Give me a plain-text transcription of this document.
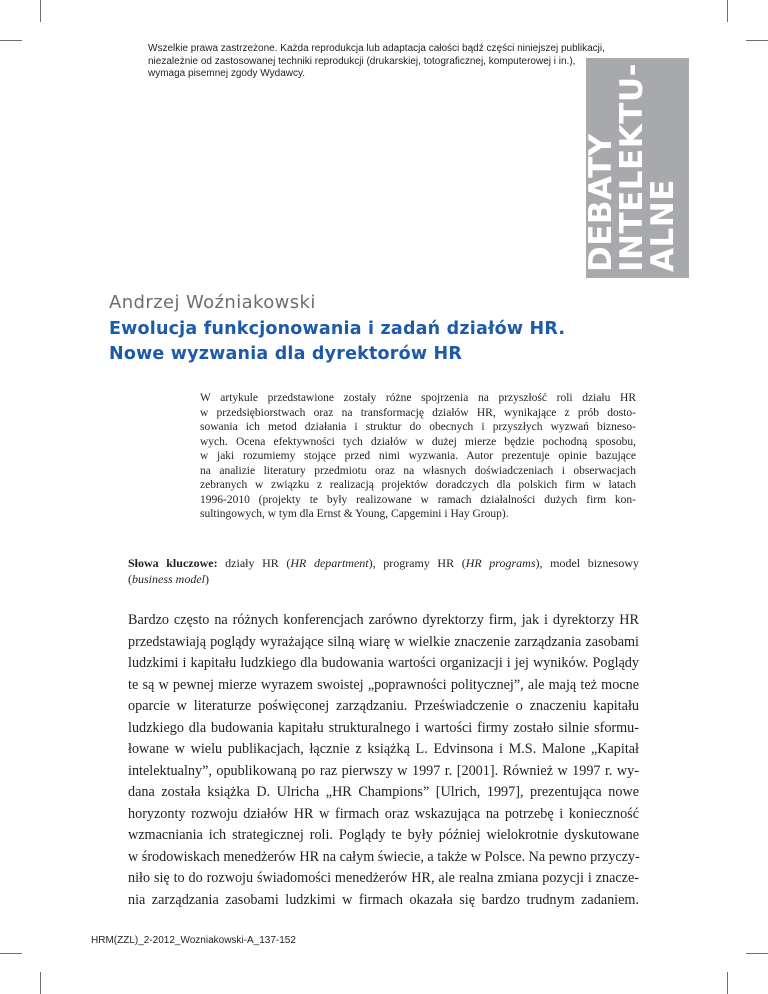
Wszelkie prawa zastrzeżone. Każda reprodukcja lub adaptacja całości bądź części niniejszej publikacji,
niezależnie od zastosowanej techniki reprodukcji (drukarskiej, totograficznej, komputerowej i in.),
wymaga pisemnej zgody Wydawcy.
DEBATY
INTELEKTU-
ALNE
Andrzej Woźniakowski
Ewolucja funkcjonowania i zadań działów HR.
Nowe wyzwania dla dyrektorów HR
W artykule przedstawione zostały różne spojrzenia na przyszłość roli działu HR
w przedsiębiorstwach oraz na transformację działów HR, wynikające z prób dosto-
sowania ich metod działania i struktur do obecnych i przyszłych wyzwań bizneso-
wych. Ocena efektywności tych działów w dużej mierze będzie pochodną sposobu,
w jaki rozumiemy stojące przed nimi wyzwania. Autor prezentuje opinie bazujące
na analizie literatury przedmiotu oraz na własnych doświadczeniach i obserwacjach
zebranych w związku z realizacją projektów doradczych dla polskich firm w latach
1996-2010 (projekty te były realizowane w ramach działalności dużych firm kon-
sultingowych, w tym dla Ernst & Young, Capgemini i Hay Group).
Słowa kluczowe: działy HR (HR department), programy HR (HR programs), model biznesowy
(business model)
Bardzo często na różnych konferencjach zarówno dyrektorzy firm, jak i dyrektorzy HR
przedstawiają poglądy wyrażające silną wiarę w wielkie znaczenie zarządzania zasobami
ludzkimi i kapitału ludzkiego dla budowania wartości organizacji i jej wyników. Poglądy
te są w pewnej mierze wyrazem swoistej „poprawności politycznej”, ale mają też mocne
oparcie w literaturze poświęconej zarządzaniu. Przeświadczenie o znaczeniu kapitału
ludzkiego dla budowania kapitału strukturalnego i wartości firmy zostało silnie sformu-
łowane w wielu publikacjach, łącznie z książką L. Edvinsona i M.S. Malone „Kapitał
intelektualny”, opublikowaną po raz pierwszy w 1997 r. [2001]. Również w 1997 r. wy-
dana została książka D. Ulricha „HR Champions” [Ulrich, 1997], prezentująca nowe
horyzonty rozwoju działów HR w firmach oraz wskazująca na potrzebę i konieczność
wzmacniania ich strategicznej roli. Poglądy te były później wielokrotnie dyskutowane
w środowiskach menedżerów HR na całym świecie, a także w Polsce. Na pewno przyczy-
niło się to do rozwoju świadomości menedżerów HR, ale realna zmiana pozycji i znacze-
nia zarządzania zasobami ludzkimi w firmach okazała się bardzo trudnym zadaniem.
HRM(ZZL)_2-2012_Wozniakowski-A_137-152
